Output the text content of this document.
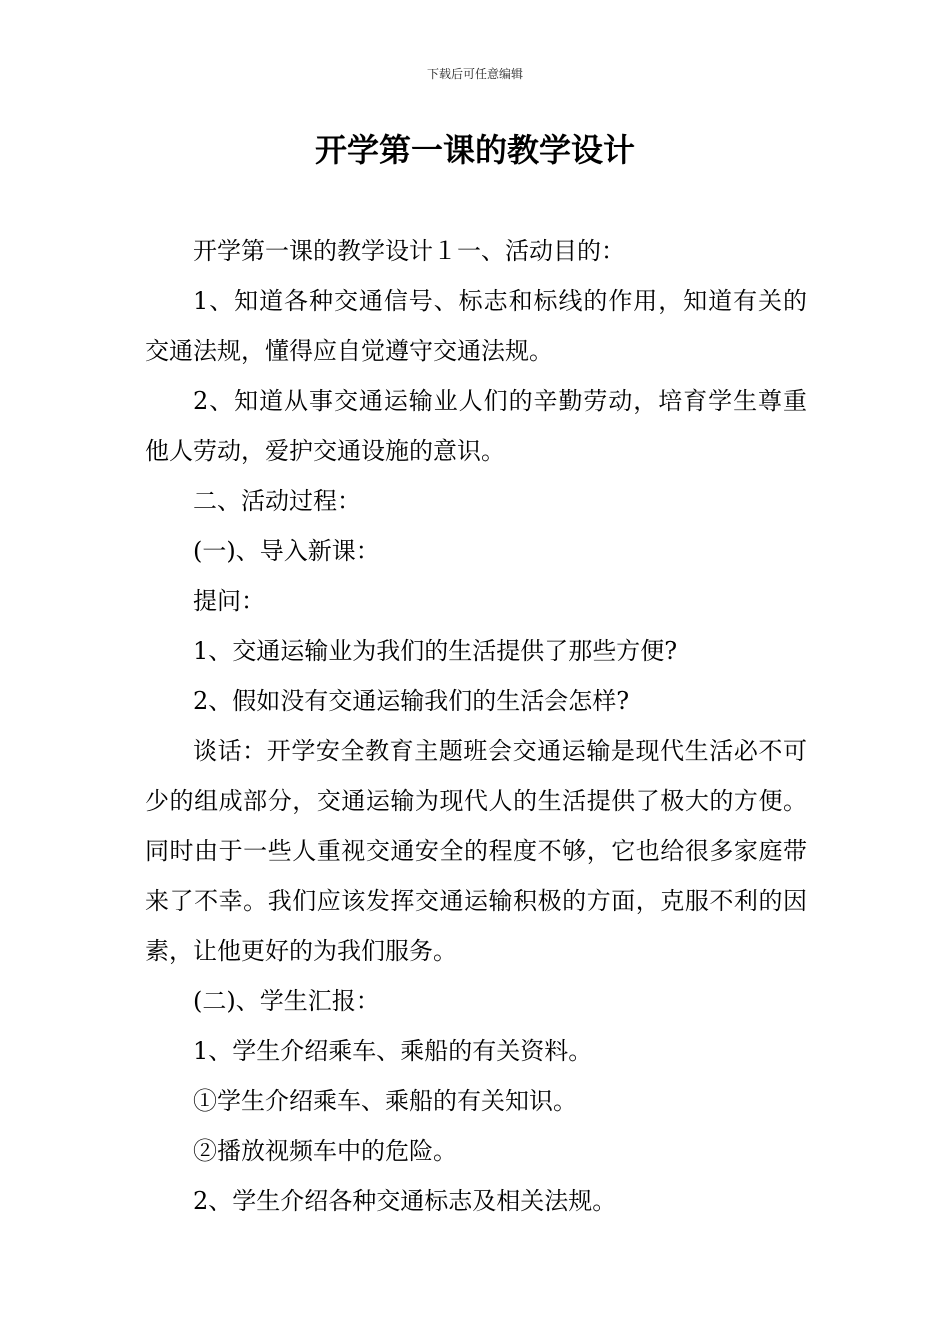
下载后可任意编辑
开学第一课的教学设计

开学第一课的教学设计１一、活动目的：

1、知道各种交通信号、标志和标线的作用，知道有关的交通法规，懂得应自觉遵守交通法规。

2、知道从事交通运输业人们的辛勤劳动，培育学生尊重他人劳动，爱护交通设施的意识。

二、活动过程：

(一)、导入新课：

提问：

1、交通运输业为我们的生活提供了那些方便?

2、假如没有交通运输我们的生活会怎样?

谈话：开学安全教育主题班会交通运输是现代生活必不可少的组成部分，交通运输为现代人的生活提供了极大的方便。同时由于一些人重视交通安全的程度不够，它也给很多家庭带来了不幸。我们应该发挥交通运输积极的方面，克服不利的因素，让他更好的为我们服务。

(二)、学生汇报：

1、学生介绍乘车、乘船的有关资料。

①学生介绍乘车、乘船的有关知识。

②播放视频车中的危险。

2、学生介绍各种交通标志及相关法规。
